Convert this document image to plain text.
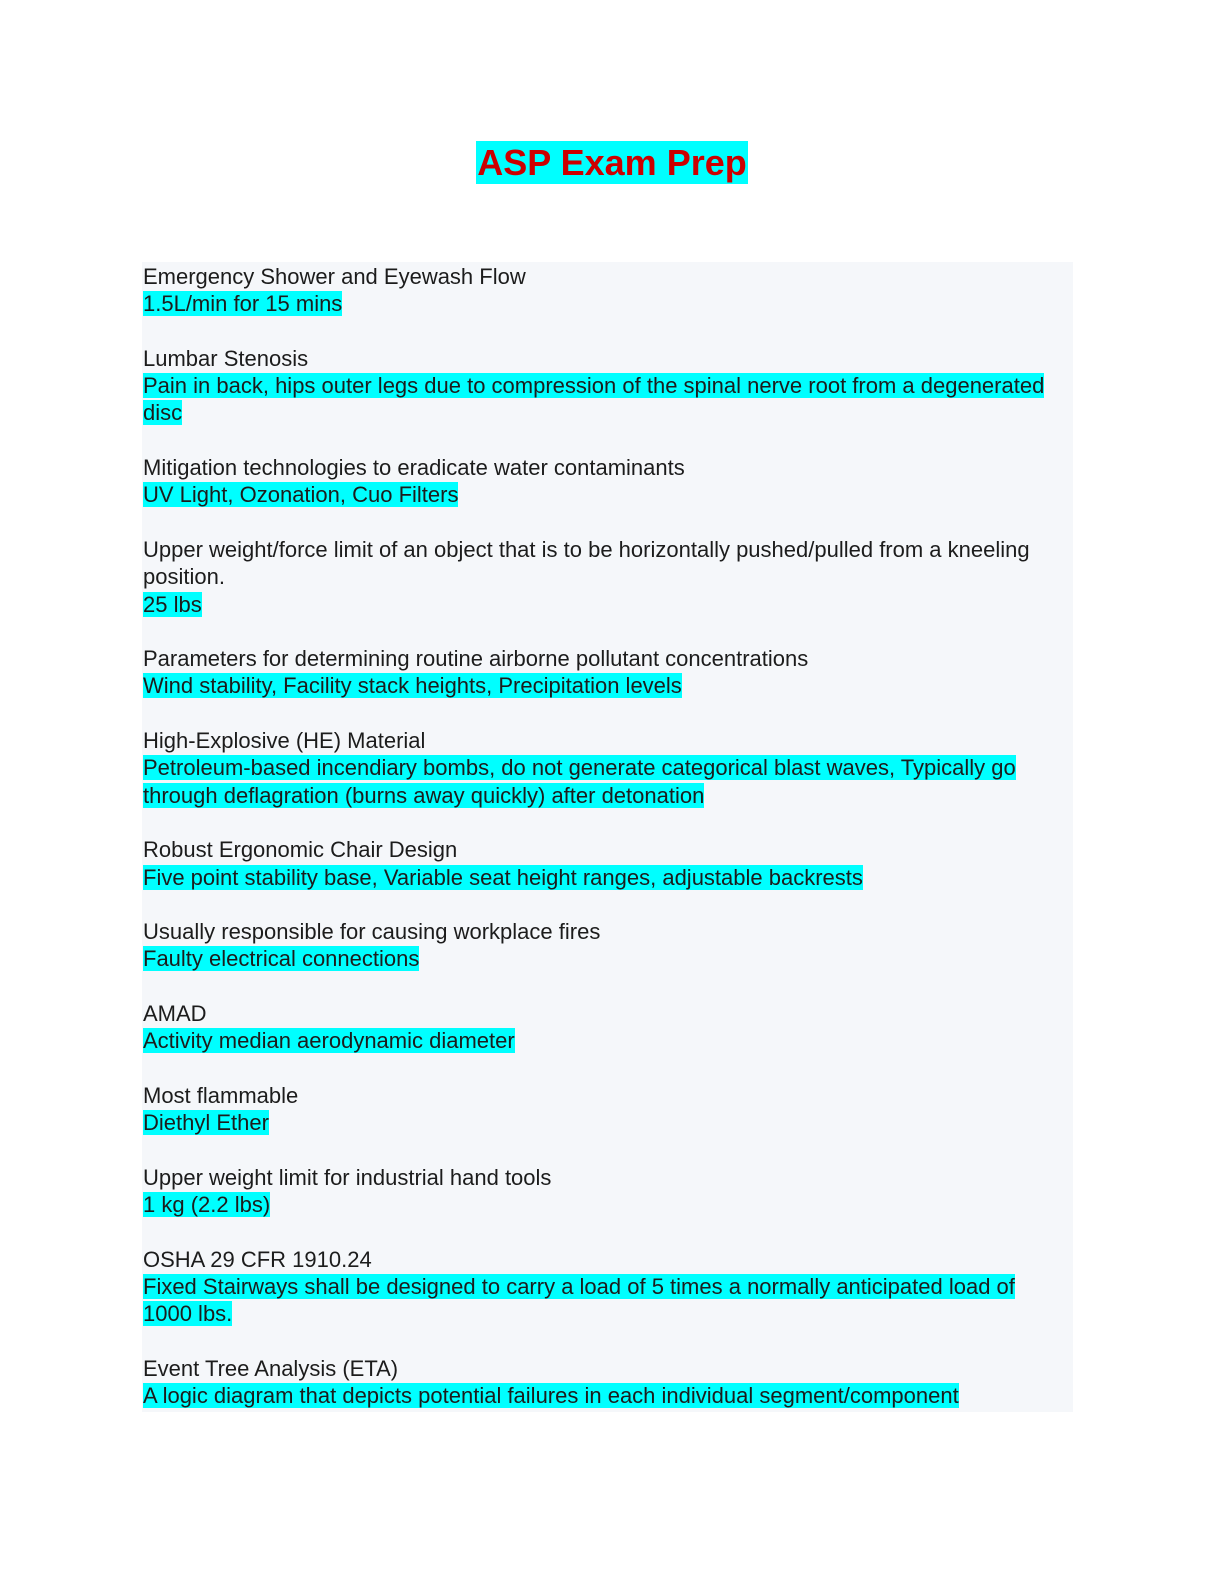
ASP Exam Prep
Emergency Shower and Eyewash Flow
1.5L/min for 15 mins
Lumbar Stenosis
Pain in back, hips outer legs due to compression of the spinal nerve root from a degenerated disc
Mitigation technologies to eradicate water contaminants
UV Light, Ozonation, Cuo Filters
Upper weight/force limit of an object that is to be horizontally pushed/pulled from a kneeling position.
25 lbs
Parameters for determining routine airborne pollutant concentrations
Wind stability, Facility stack heights, Precipitation levels
High-Explosive (HE) Material
Petroleum-based incendiary bombs, do not generate categorical blast waves, Typically go through deflagration (burns away quickly) after detonation
Robust Ergonomic Chair Design
Five point stability base, Variable seat height ranges, adjustable backrests
Usually responsible for causing workplace fires
Faulty electrical connections
AMAD
Activity median aerodynamic diameter
Most flammable
Diethyl Ether
Upper weight limit for industrial hand tools
1 kg (2.2 lbs)
OSHA 29 CFR 1910.24
Fixed Stairways shall be designed to carry a load of 5 times a normally anticipated load of 1000 lbs.
Event Tree Analysis (ETA)
A logic diagram that depicts potential failures in each individual segment/component
